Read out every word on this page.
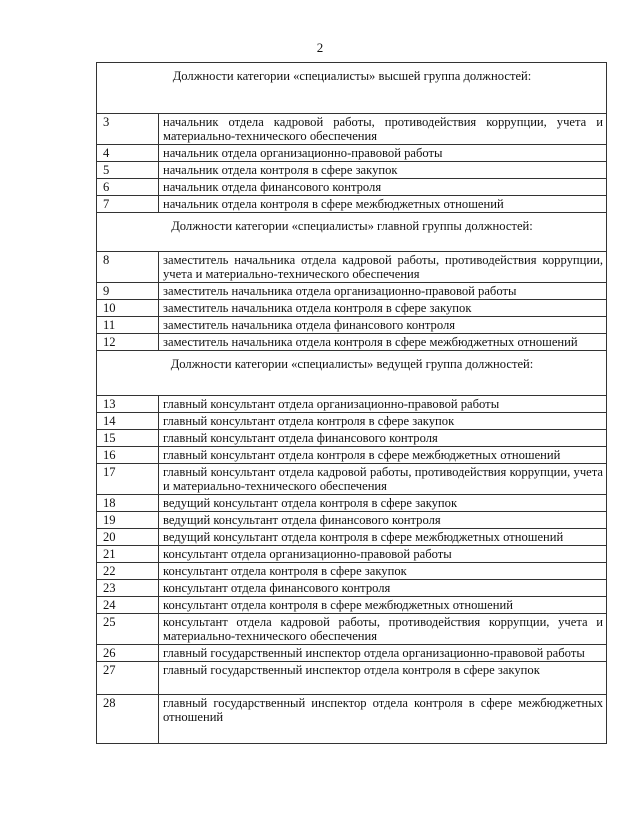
2
Должности категории «специалисты» высшей группа должностей:	
3	начальник отдела кадровой работы, противодействия коррупции, учета и материально-технического обеспечения
4	начальник отдела организационно-правовой работы
5	начальник отдела контроля в сфере закупок
6	начальник отдела финансового контроля
7	начальник отдела контроля в сфере межбюджетных отношений
Должности категории «специалисты» главной группы должностей:	
8	заместитель начальника отдела кадровой работы, противодействия коррупции, учета и материально-технического обеспечения
9	заместитель начальника отдела организационно-правовой работы
10	заместитель начальника отдела контроля в сфере закупок
11	заместитель начальника отдела финансового контроля
12	заместитель начальника отдела контроля в сфере межбюджетных отношений
Должности категории «специалисты» ведущей группа должностей:	
13	главный консультант отдела организационно-правовой работы
14	главный консультант отдела контроля в сфере закупок
15	главный консультант отдела финансового контроля
16	главный консультант отдела контроля в сфере межбюджетных отношений
17	главный консультант отдела кадровой работы, противодействия коррупции, учета и материально-технического обеспечения
18	ведущий консультант отдела контроля в сфере закупок
19	ведущий консультант отдела финансового контроля
20	ведущий консультант отдела контроля в сфере межбюджетных отношений
21	консультант отдела организационно-правовой работы
22	консультант отдела контроля в сфере закупок
23	консультант отдела финансового контроля
24	консультант отдела контроля в сфере межбюджетных отношений
25	консультант отдела кадровой работы, противодействия коррупции, учета и материально-технического обеспечения
26	главный государственный инспектор отдела организационно-правовой работы
27	главный государственный инспектор отдела контроля в сфере закупок
28	главный государственный инспектор отдела контроля в сфере межбюджетных отношений
